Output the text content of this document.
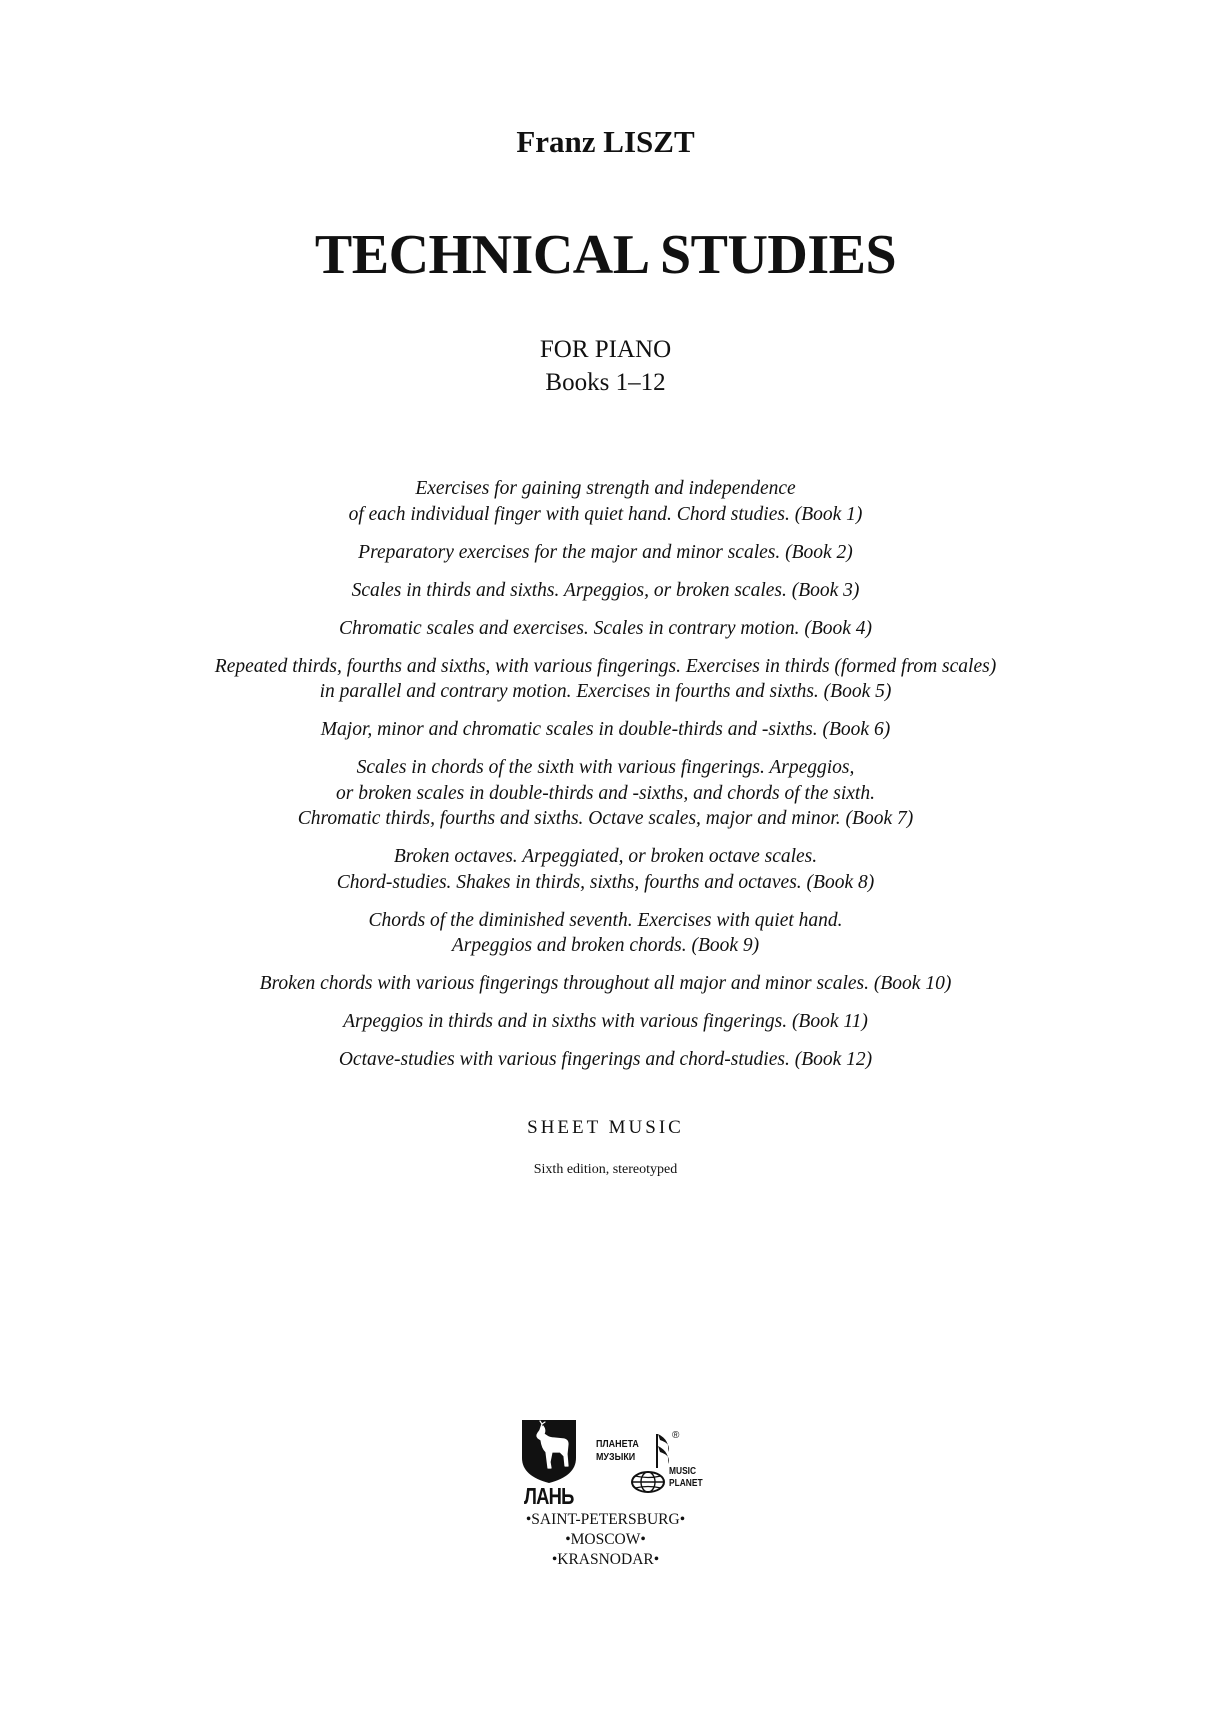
Franz LISZT
TECHNICAL STUDIES
FOR PIANO
Books 1–12
Exercises for gaining strength and independence
of each individual finger with quiet hand. Chord studies. (Book 1)
Preparatory exercises for the major and minor scales. (Book 2)
Scales in thirds and sixths. Arpeggios, or broken scales. (Book 3)
Chromatic scales and exercises. Scales in contrary motion. (Book 4)
Repeated thirds, fourths and sixths, with various fingerings. Exercises in thirds (formed from scales)
in parallel and contrary motion. Exercises in fourths and sixths. (Book 5)
Major, minor and chromatic scales in double-thirds and -sixths. (Book 6)
Scales in chords of the sixth with various fingerings. Arpeggios,
or broken scales in double-thirds and -sixths, and chords of the sixth.
Chromatic thirds, fourths and sixths. Octave scales, major and minor. (Book 7)
Broken octaves. Arpeggiated, or broken octave scales.
Chord-studies. Shakes in thirds, sixths, fourths and octaves. (Book 8)
Chords of the diminished seventh. Exercises with quiet hand.
Arpeggios and broken chords. (Book 9)
Broken chords with various fingerings throughout all major and minor scales. (Book 10)
Arpeggios in thirds and in sixths with various fingerings. (Book 11)
Octave-studies with various fingerings and chord-studies. (Book 12)
SHEET MUSIC
Sixth edition, stereotyped
ЛАНЬ
ПЛАНЕТА
МУЗЫКИ
®
MUSIC
PLANET
•SAINT-PETERSBURG•
•MOSCOW•
•KRASNODAR•
